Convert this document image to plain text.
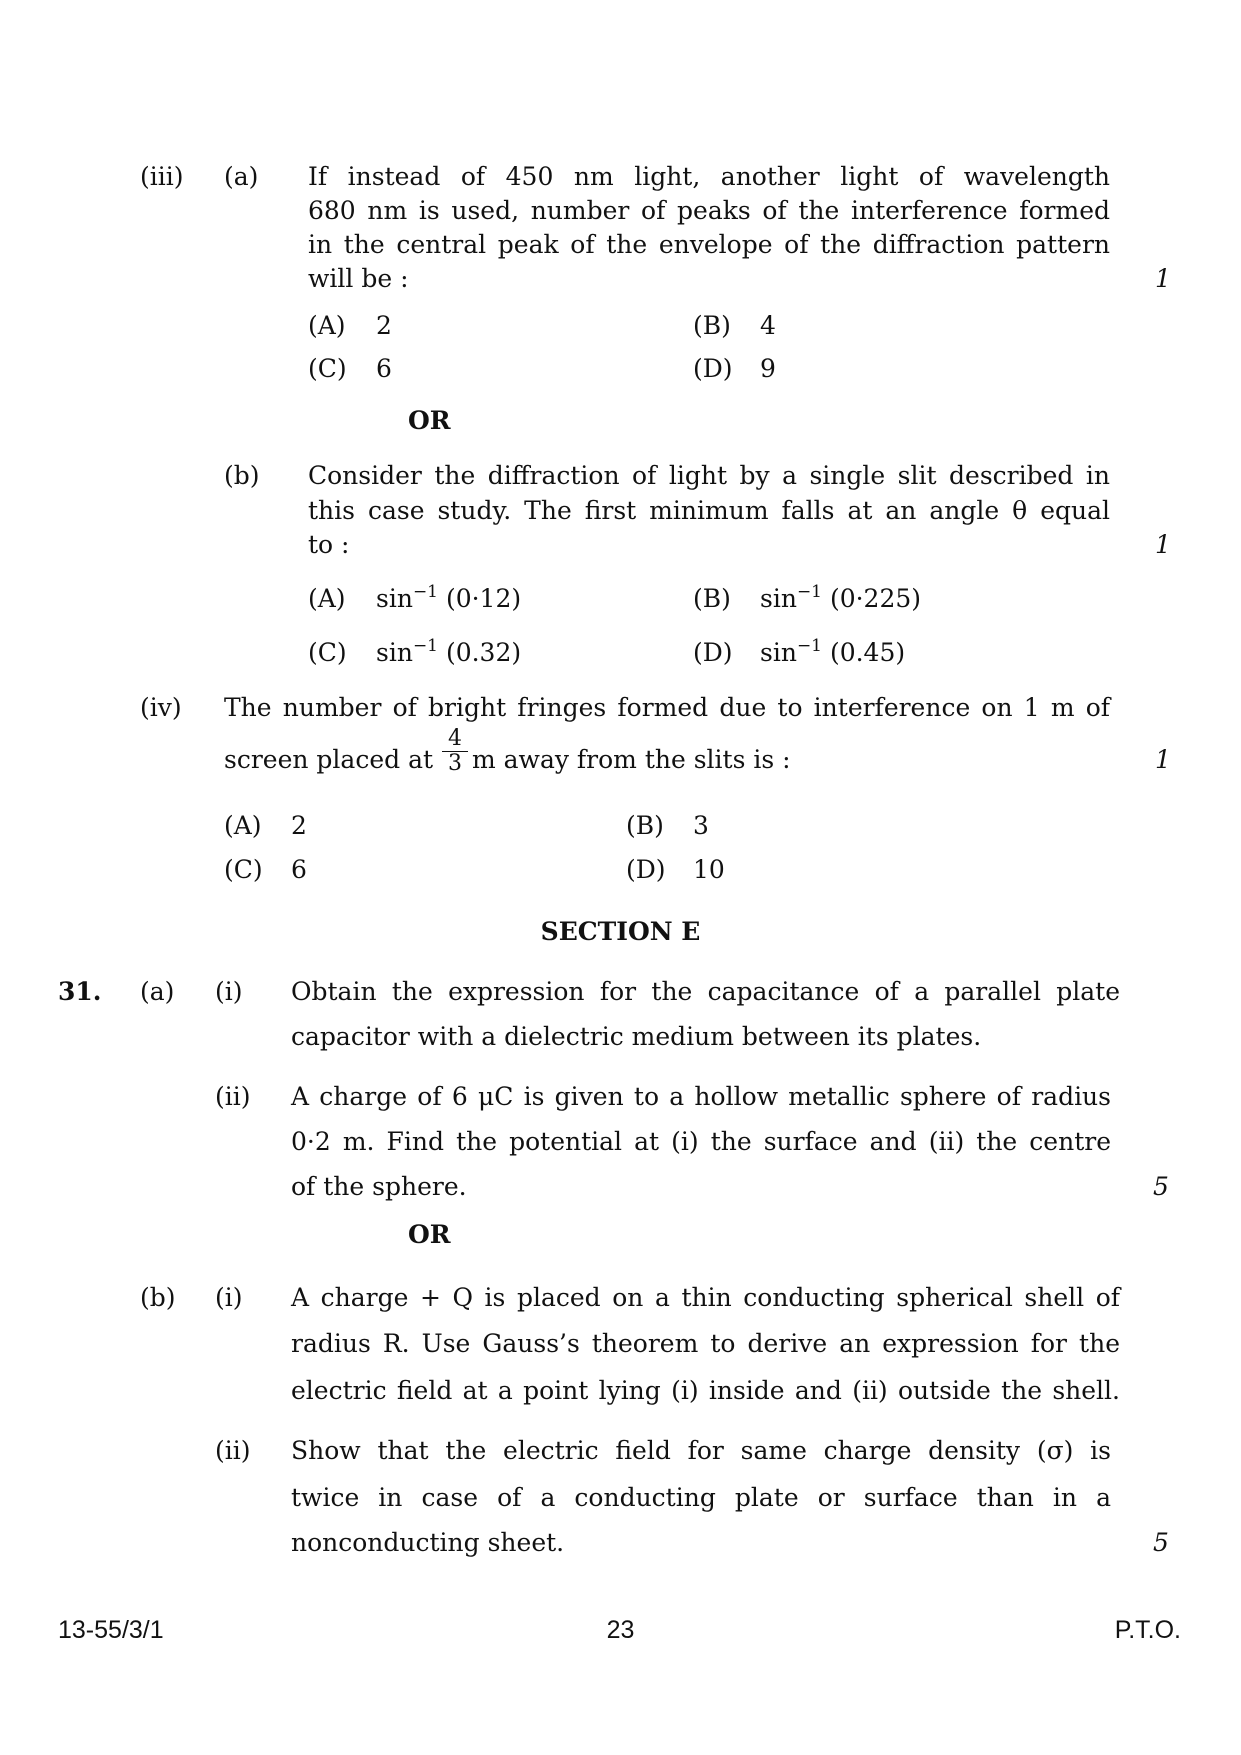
(iii) (a) If instead of 450 nm light, another light of wavelength
680 nm is used, number of peaks of the interference formed
in the central peak of the envelope of the diffraction pattern
will be :	1
(A) 2	(B) 4
(C) 6	(D) 9
OR
(b) Consider the diffraction of light by a single slit described in
this case study. The first minimum falls at an angle θ equal
to :	1
(A) $\sin^{-1} (0\cdot 12)$	(B) $\sin^{-1} (0\cdot 225)$
(C) $\sin^{-1} (0.32)$	(D) $\sin^{-1} (0.45)$
(iv) The number of bright fringes formed due to interference on 1 m of
screen placed at $\frac{4}{3}$ m away from the slits is :	1
(A) 2	(B) 3
(C) 6	(D) 10
SECTION E
31. (a) (i) Obtain the expression for the capacitance of a parallel plate
capacitor with a dielectric medium between its plates.
(ii) A charge of 6 μC is given to a hollow metallic sphere of radius
0·2 m. Find the potential at (i) the surface and (ii) the centre
of the sphere.	5
OR
(b) (i) A charge + Q is placed on a thin conducting spherical shell of
radius R. Use Gauss’s theorem to derive an expression for the
electric field at a point lying (i) inside and (ii) outside the shell.
(ii) Show that the electric field for same charge density (σ) is
twice in case of a conducting plate or surface than in a
nonconducting sheet.	5
13-55/3/1	23	P.T.O.
